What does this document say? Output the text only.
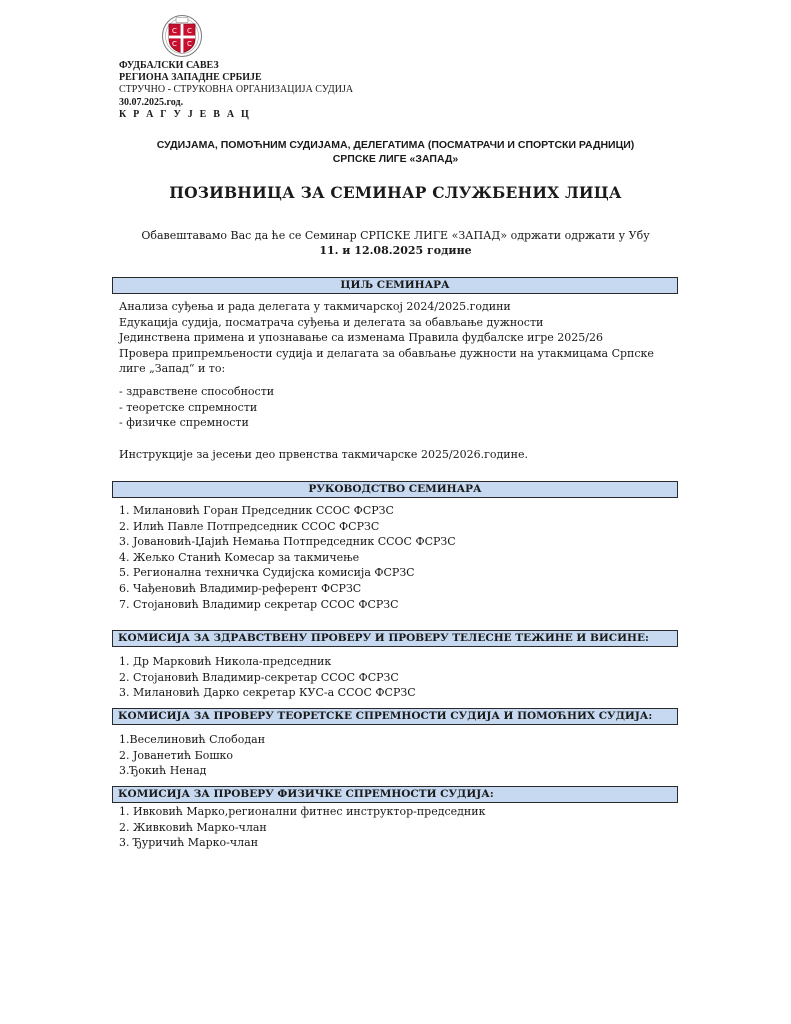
С С
С С
ФУДБАЛСКИ САВЕЗ
РЕГИОНА ЗАПАДНЕ СРБИЈЕ
СТРУЧНО - СТРУКОВНА ОРГАНИЗАЦИЈА СУДИЈА
30.07.2025.год.
К Р А Г У Ј Е В А Ц
СУДИЈАМА, ПОМОЋНИМ СУДИЈАМА, ДЕЛЕГАТИМА (ПОСМАТРАЧИ И СПОРТСКИ РАДНИЦИ)
СРПСКЕ ЛИГЕ «ЗАПАД»
ПОЗИВНИЦА ЗА СЕМИНАР СЛУЖБЕНИХ ЛИЦА
Обавештавамо Вас да ће се Семинар СРПСКЕ ЛИГЕ «ЗАПАД» одржати одржати у Убу
11. и 12.08.2025 године
ЦИЉ СЕМИНАРА
Анализа суђења и рада делегата у такмичарској 2024/2025.години
Едукација судија, посматрача суђења и делегата за обављање дужности
Јединствена примена и упознавање са изменама Правила фудбалске игре 2025/26
Провера припремљености судија и делагата за обављање дужности на утакмицама Српске
лиге „Запад“ и то:
- здравствене способности
- теоретске спремности
- физичке спремности
Инструкције за јесењи део првенства такмичарске 2025/2026.године.
РУКОВОДСТВО СЕМИНАРА
1. Милановић Горан Председник ССОС ФСРЗС
2. Илић Павле Потпредседник ССОС ФСРЗС
3. Јовановић-Џајић Немања Потпредседник ССОС ФСРЗС
4. Жељко Станић Комесар за такмичење
5. Регионална техничка Судијска комисија ФСРЗС
6. Чађеновић Владимир-референт ФСРЗС
7. Стојановић Владимир секретар ССОС ФСРЗС
КОМИСИЈА ЗА ЗДРАВСТВЕНУ ПРОВЕРУ И ПРОВЕРУ ТЕЛЕСНЕ ТЕЖИНЕ И ВИСИНЕ:
1. Др Марковић Никола-председник
2. Стојановић Владимир-секретар ССОС ФСРЗС
3. Милановић Дарко секретар КУС-а ССОС ФСРЗС
КОМИСИЈА ЗА ПРОВЕРУ ТЕОРЕТСКЕ СПРЕМНОСТИ СУДИЈА И ПОМОЋНИХ СУДИЈА:
1.Веселиновић Слободан
2. Јованетић Бошко
3.Ђокић Ненад
КОМИСИЈА ЗА ПРОВЕРУ ФИЗИЧКЕ СПРЕМНОСТИ СУДИЈА:
1. Ивковић Марко,регионални фитнес инструктор-председник
2. Живковић Марко-члан
3. Ђуричић Марко-члан
